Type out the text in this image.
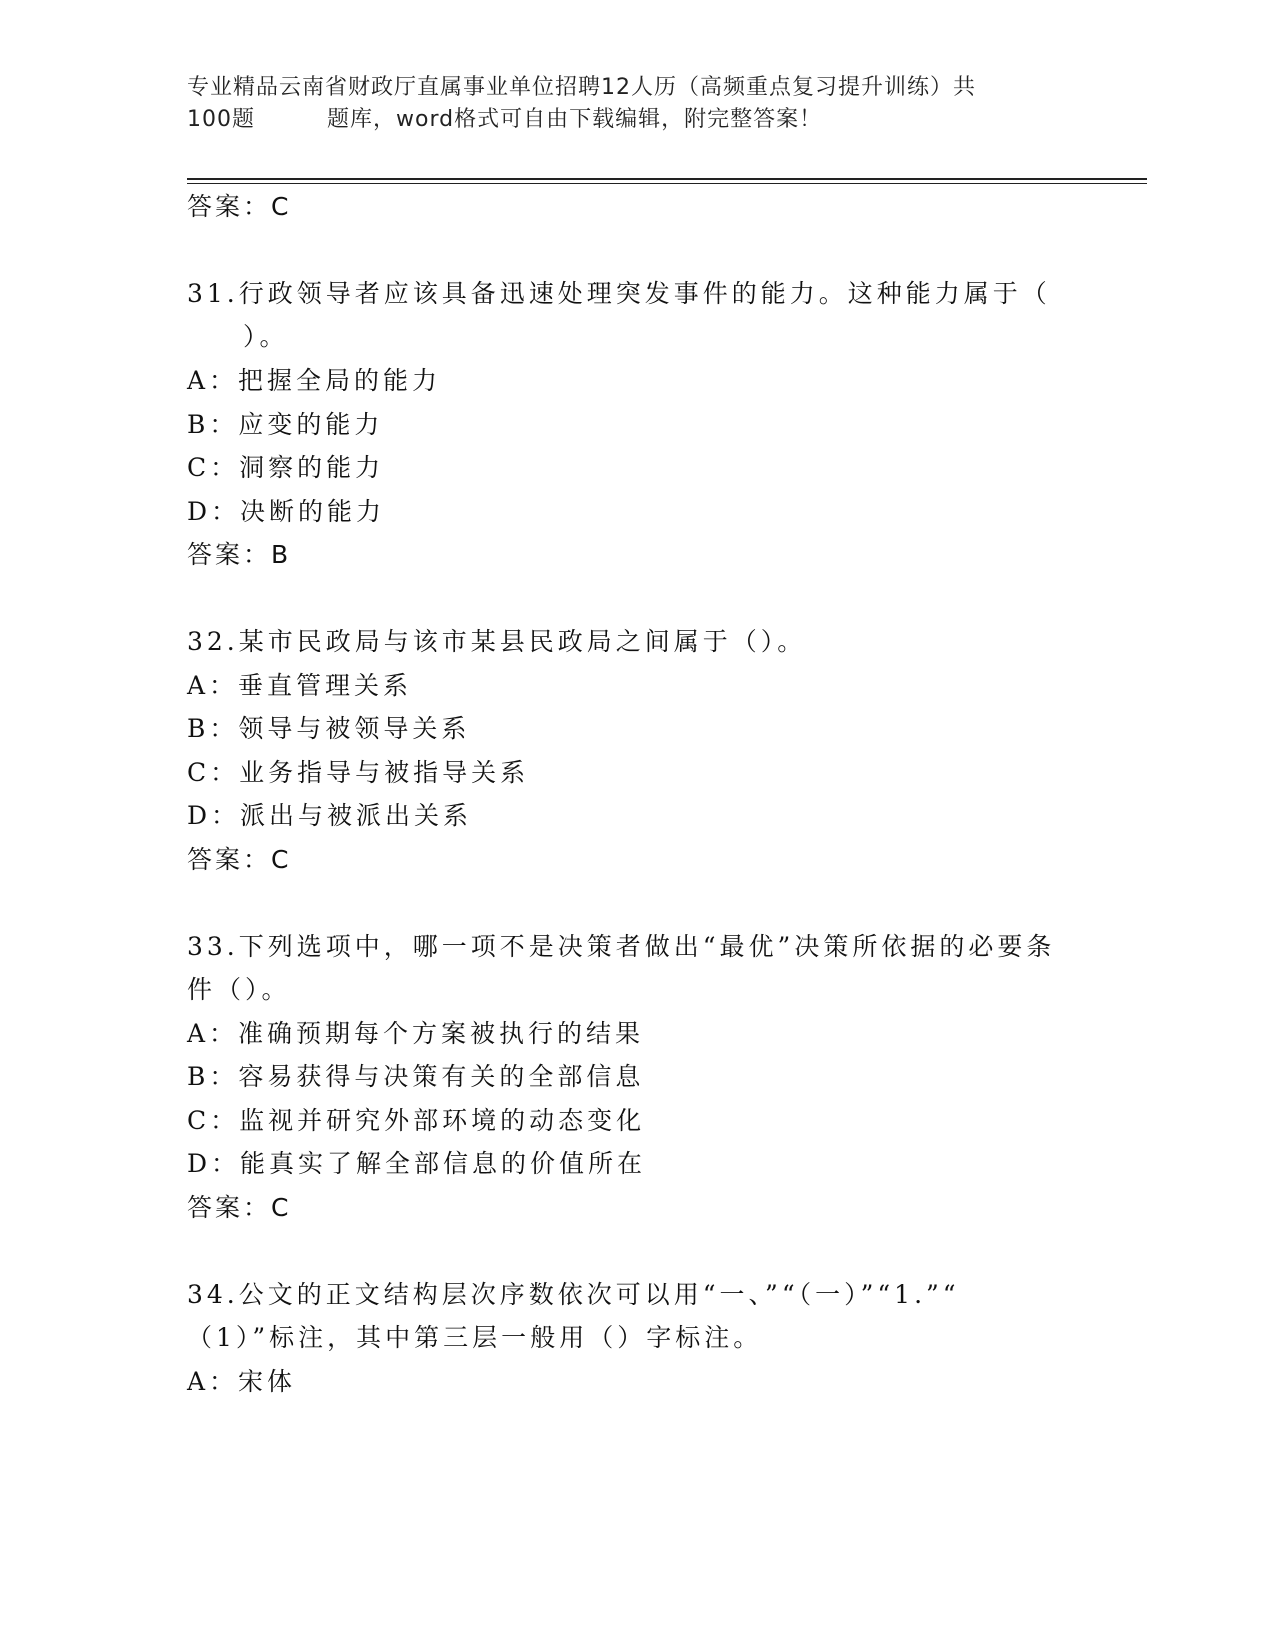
专业精品云南省财政厅直属事业单位招聘12人历（高频重点复习提升训练）共
100题	题库，word格式可自由下载编辑，附完整答案！
答案：C
31.行政领导者应该具备迅速处理突发事件的能力。这种能力属于（
）。
A：把握全局的能力
B：应变的能力
C：洞察的能力
D：决断的能力
答案：B
32.某市民政局与该市某县民政局之间属于（）。
A：垂直管理关系
B：领导与被领导关系
C：业务指导与被指导关系
D：派出与被派出关系
答案：C
33.下列选项中，哪一项不是决策者做出“最优”决策所依据的必要条
件（）。
A：准确预期每个方案被执行的结果
B：容易获得与决策有关的全部信息
C：监视并研究外部环境的动态变化
D：能真实了解全部信息的价值所在
答案：C
34.公文的正文结构层次序数依次可以用“一、”“（一）”“1.”“
（1）”标注，其中第三层一般用（）字标注。
A：宋体
